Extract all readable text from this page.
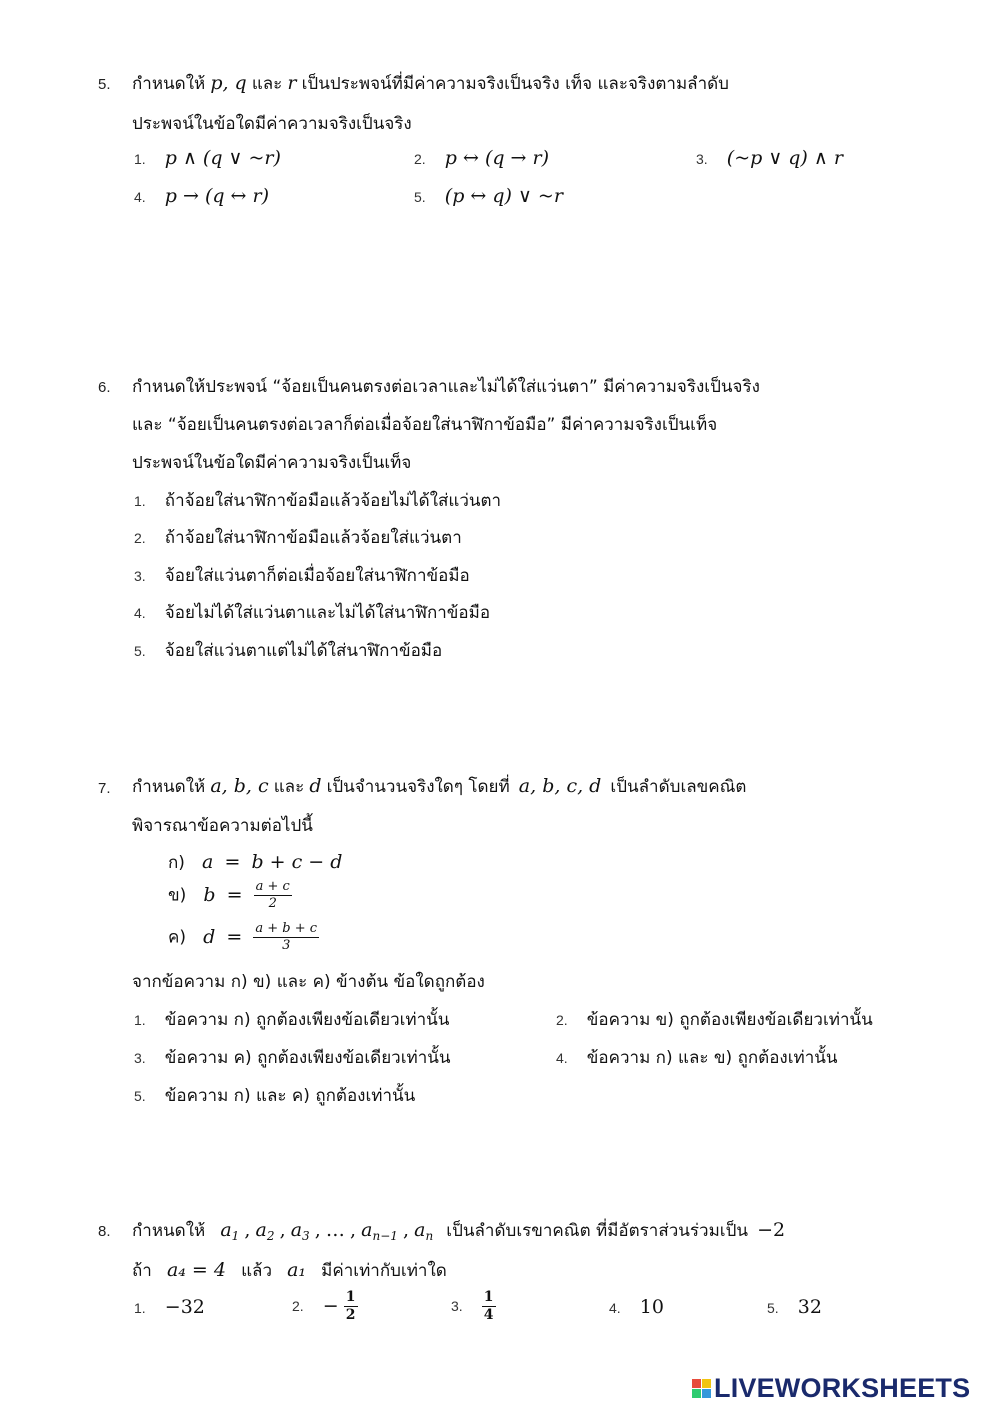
5. กำหนดให้ p, q และ r เป็นประพจน์ที่มีค่าความจริงเป็นจริง เท็จ และจริงตามลำดับ
ประพจน์ในข้อใดมีค่าความจริงเป็นจริง
1. p ∧ (q ∨ ~r)	2. p ↔ (q → r)	3. (~p ∨ q) ∧ r
4. p → (q ↔ r)	5. (p ↔ q) ∨ ~r
6. กำหนดให้ประพจน์ “จ้อยเป็นคนตรงต่อเวลาและไม่ได้ใส่แว่นตา” มีค่าความจริงเป็นจริง
และ “จ้อยเป็นคนตรงต่อเวลาก็ต่อเมื่อจ้อยใส่นาฬิกาข้อมือ” มีค่าความจริงเป็นเท็จ
ประพจน์ในข้อใดมีค่าความจริงเป็นเท็จ
1. ถ้าจ้อยใส่นาฬิกาข้อมือแล้วจ้อยไม่ได้ใส่แว่นตา
2. ถ้าจ้อยใส่นาฬิกาข้อมือแล้วจ้อยใส่แว่นตา
3. จ้อยใส่แว่นตาก็ต่อเมื่อจ้อยใส่นาฬิกาข้อมือ
4. จ้อยไม่ได้ใส่แว่นตาและไม่ได้ใส่นาฬิกาข้อมือ
5. จ้อยใส่แว่นตาแต่ไม่ได้ใส่นาฬิกาข้อมือ
7. กำหนดให้ a, b, c และ d เป็นจำนวนจริงใดๆ โดยที่ a, b, c, d เป็นลำดับเลขคณิต
พิจารณาข้อความต่อไปนี้
ก) a = b + c − d
ข) $b = \frac{a + c}{2}$
ค) $d = \frac{a + b + c}{3}$
จากข้อความ ก) ข) และ ค) ข้างต้น ข้อใดถูกต้อง
1. ข้อความ ก) ถูกต้องเพียงข้อเดียวเท่านั้น	2. ข้อความ ข) ถูกต้องเพียงข้อเดียวเท่านั้น
3. ข้อความ ค) ถูกต้องเพียงข้อเดียวเท่านั้น	4. ข้อความ ก) และ ข) ถูกต้องเท่านั้น
5. ข้อความ ก) และ ค) ถูกต้องเท่านั้น
8. กำหนดให้ $a_1$ , $a_2$ , $a_3$ , … , $a_{n-1}$ , $a_n$ เป็นลำดับเรขาคณิต ที่มีอัตราส่วนร่วมเป็น −2
ถ้า a₄ = 4 แล้ว a₁ มีค่าเท่ากับเท่าใด
1. −32	2. − $\frac{1}{2}$	3. $\frac{1}{4}$	4. 10	5. 32
LIVEWORKSHEETS
